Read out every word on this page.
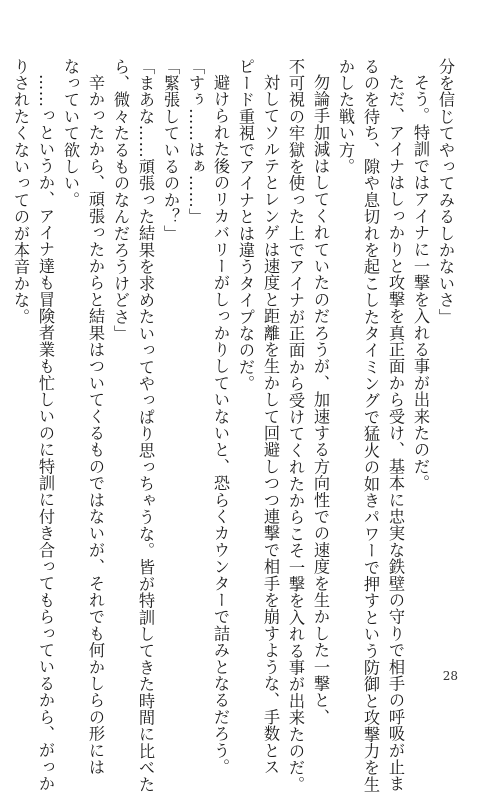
分を信じてやってみるしかないさ」
そう。特訓ではアイナに一撃を入れる事が出来たのだ。
ただ、アイナはしっかりと攻撃を真正面から受け、基本に忠実な鉄壁の守りで相手の呼吸が止ま
るのを待ち、隙や息切れを起こしたタイミングで猛火の如きパワーで押すという防御と攻撃力を生
かした戦い方。
勿論手加減はしてくれていたのだろうが、加速する方向性での速度を生かした一撃と、
不可視の牢獄を使った上でアイナが正面から受けてくれたからこそ一撃を入れる事が出来たのだ。
対してソルテとレンゲは速度と距離を生かして回避しつつ連撃で相手を崩すような、手数とス
ピード重視でアイナとは違うタイプなのだ。
避けられた後のリカバリーがしっかりしていないと、恐らくカウンターで詰みとなるだろう。
「すぅ……はぁ……」
「緊張しているのか？」
「まあな……頑張った結果を求めたいってやっぱり思っちゃうな。皆が特訓してきた時間に比べた
ら、微々たるものなんだろうけどさ」
辛かったから、頑張ったからと結果はついてくるものではないが、それでも何かしらの形には
なっていて欲しい。
……っというか、アイナ達も冒険者業も忙しいのに特訓に付き合ってもらっているから、がっか
りされたくないってのが本音かな。
28
